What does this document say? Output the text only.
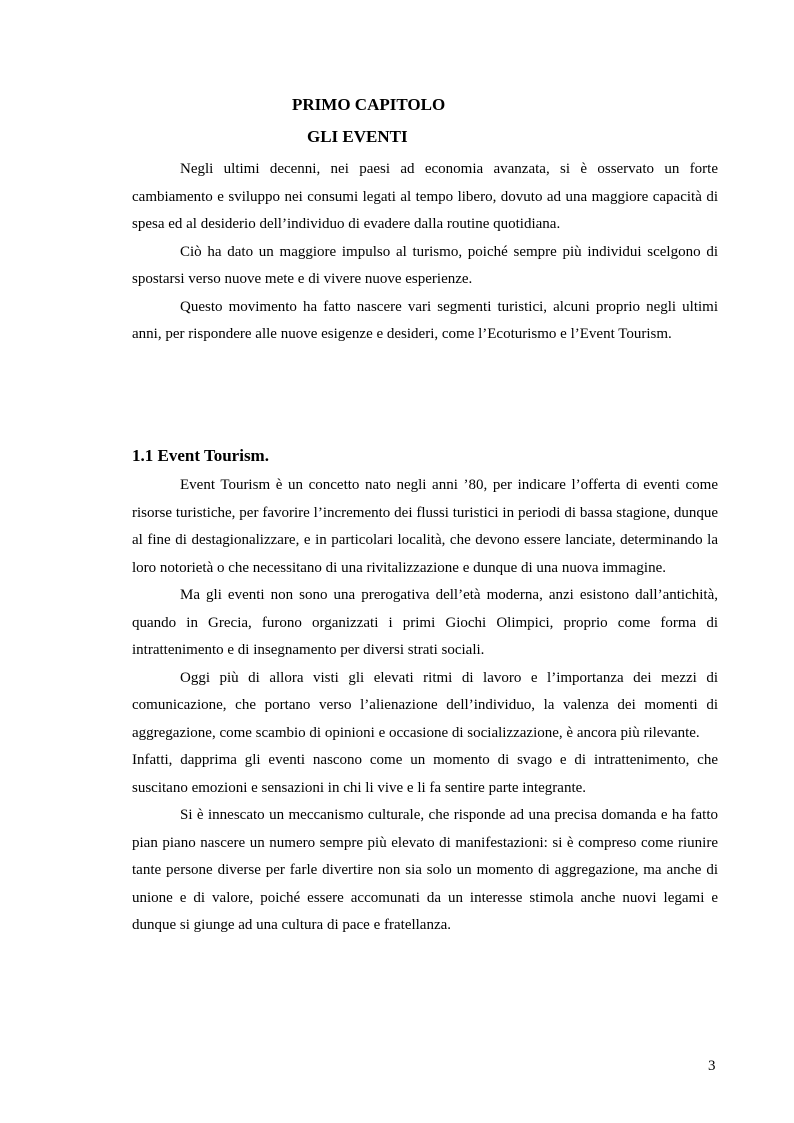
PRIMO CAPITOLO
GLI EVENTI

Negli ultimi decenni, nei paesi ad economia avanzata, si è osservato un forte cambiamento e sviluppo nei consumi legati al tempo libero, dovuto ad una maggiore capacità di spesa ed al desiderio dell’individuo di evadere dalla routine quotidiana.

Ciò ha dato un maggiore impulso al turismo, poiché sempre più individui scelgono di spostarsi verso nuove mete e di vivere nuove esperienze.

Questo movimento ha fatto nascere vari segmenti turistici, alcuni proprio negli ultimi anni, per rispondere alle nuove esigenze e desideri, come l’Ecoturismo e l’Event Tourism.

1.1 Event Tourism.

Event Tourism è un concetto nato negli anni ’80, per indicare l’offerta di eventi come risorse turistiche, per favorire l’incremento dei flussi turistici in periodi di bassa stagione, dunque al fine di destagionalizzare, e in particolari località, che devono essere lanciate, determinando la loro notorietà o che necessitano di una rivitalizzazione e dunque di una nuova immagine.

Ma gli eventi non sono una prerogativa dell’età moderna, anzi esistono dall’antichità, quando in Grecia, furono organizzati i primi Giochi Olimpici, proprio come forma di intrattenimento e di insegnamento per diversi strati sociali.

Oggi più di allora visti gli elevati ritmi di lavoro e l’importanza dei mezzi di comunicazione, che portano verso l’alienazione dell’individuo, la valenza dei momenti di aggregazione, come scambio di opinioni e occasione di socializzazione, è ancora più rilevante.

Infatti, dapprima gli eventi nascono come un momento di svago e di intrattenimento, che suscitano emozioni e sensazioni in chi li vive e li fa sentire parte integrante.

Si è innescato un meccanismo culturale, che risponde ad una precisa domanda e ha fatto pian piano nascere un numero sempre più elevato di manifestazioni: si è compreso come riunire tante persone diverse per farle divertire non sia solo un momento di aggregazione, ma anche di unione e di valore, poiché essere accomunati da un interesse stimola anche nuovi legami e dunque si giunge ad una cultura di pace e fratellanza.

3
